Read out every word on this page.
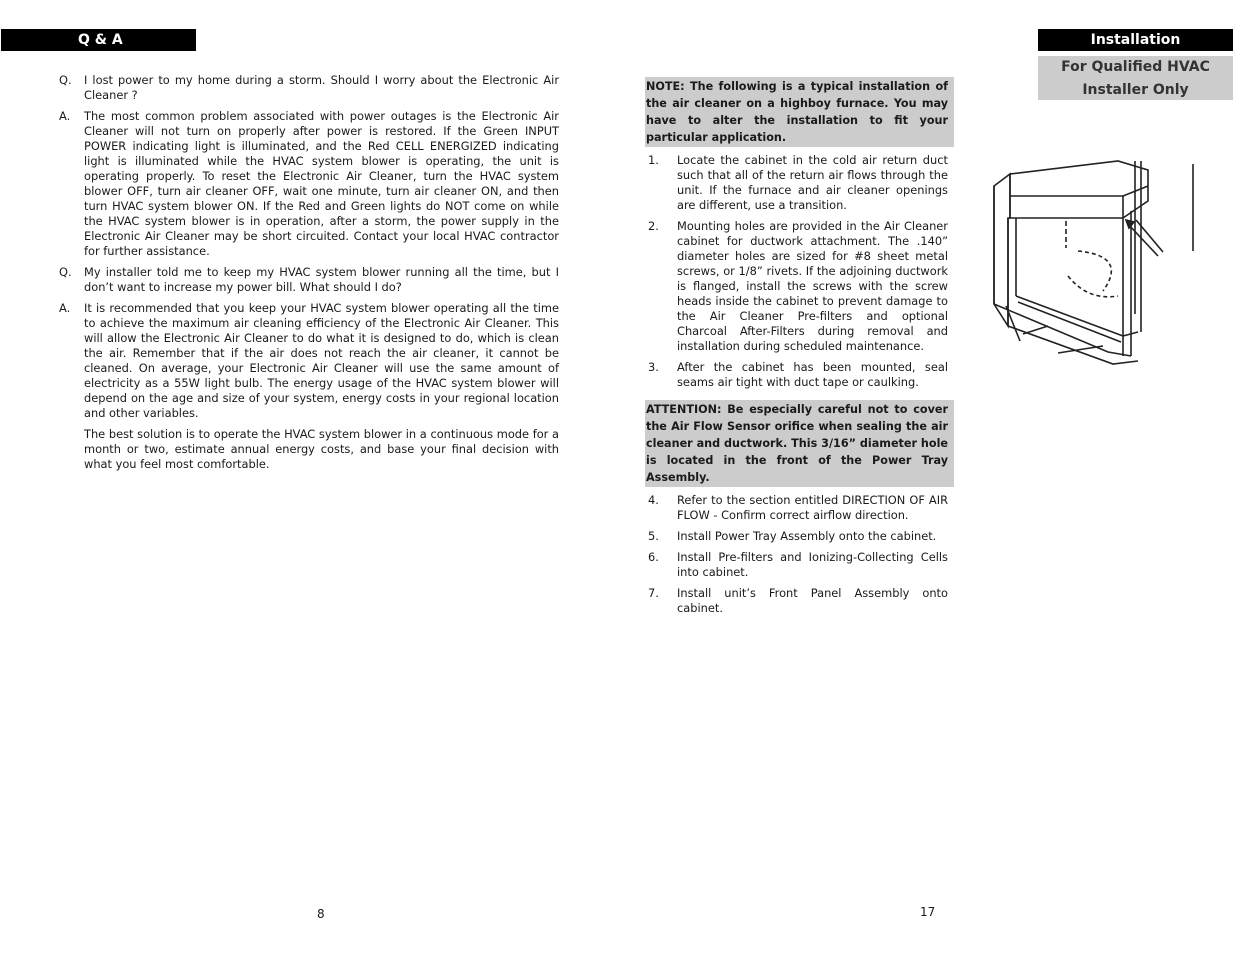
Q & A
Q. I lost power to my home during a storm. Should I worry about the Electronic Air Cleaner ?
A. The most common problem associated with power outages is the Electronic Air Cleaner will not turn on properly after power is restored. If the Green INPUT POWER indicating light is illuminated, and the Red CELL ENERGIZED indicating light is illuminated while the HVAC system blower is operating, the unit is operating properly. To reset the Electronic Air Cleaner, turn the HVAC system blower OFF, turn air cleaner OFF, wait one minute, turn air cleaner ON, and then turn HVAC system blower ON. If the Red and Green lights do NOT come on while the HVAC system blower is in operation, after a storm, the power supply in the Electronic Air Cleaner may be short circuited. Contact your local HVAC contractor for further assistance.
Q. My installer told me to keep my HVAC system blower running all the time, but I don’t want to increase my power bill. What should I do?
A. It is recommended that you keep your HVAC system blower operating all the time to achieve the maximum air cleaning efficiency of the Electronic Air Cleaner. This will allow the Electronic Air Cleaner to do what it is designed to do, which is clean the air. Remember that if the air does not reach the air cleaner, it cannot be cleaned. On average, your Electronic Air Cleaner will use the same amount of electricity as a 55W light bulb. The energy usage of the HVAC system blower will depend on the age and size of your system, energy costs in your regional location and other variables.
The best solution is to operate the HVAC system blower in a continuous mode for a month or two, estimate annual energy costs, and base your final decision with what you feel most comfortable.
8
NOTE: The following is a typical installation of the air cleaner on a highboy furnace. You may have to alter the installation to fit your particular application.
1. Locate the cabinet in the cold air return duct such that all of the return air flows through the unit. If the furnace and air cleaner openings are different, use a transition.
2. Mounting holes are provided in the Air Cleaner cabinet for ductwork attachment. The .140” diameter holes are sized for #8 sheet metal screws, or 1/8” rivets. If the adjoining ductwork is flanged, install the screws with the screw heads inside the cabinet to prevent damage to the Air Cleaner Pre-filters and optional Charcoal After-Filters during removal and installation during scheduled maintenance.
3. After the cabinet has been mounted, seal seams air tight with duct tape or caulking.
ATTENTION: Be especially careful not to cover the Air Flow Sensor orifice when sealing the air cleaner and ductwork. This 3/16” diameter hole is located in the front of the Power Tray Assembly.
4. Refer to the section entitled DIRECTION OF AIR FLOW - Confirm correct airflow direction.
5. Install Power Tray Assembly onto the cabinet.
6. Install Pre-filters and Ionizing-Collecting Cells into cabinet.
7. Install unit’s Front Panel Assembly onto cabinet.
Installation
For Qualified HVAC Installer Only
17
